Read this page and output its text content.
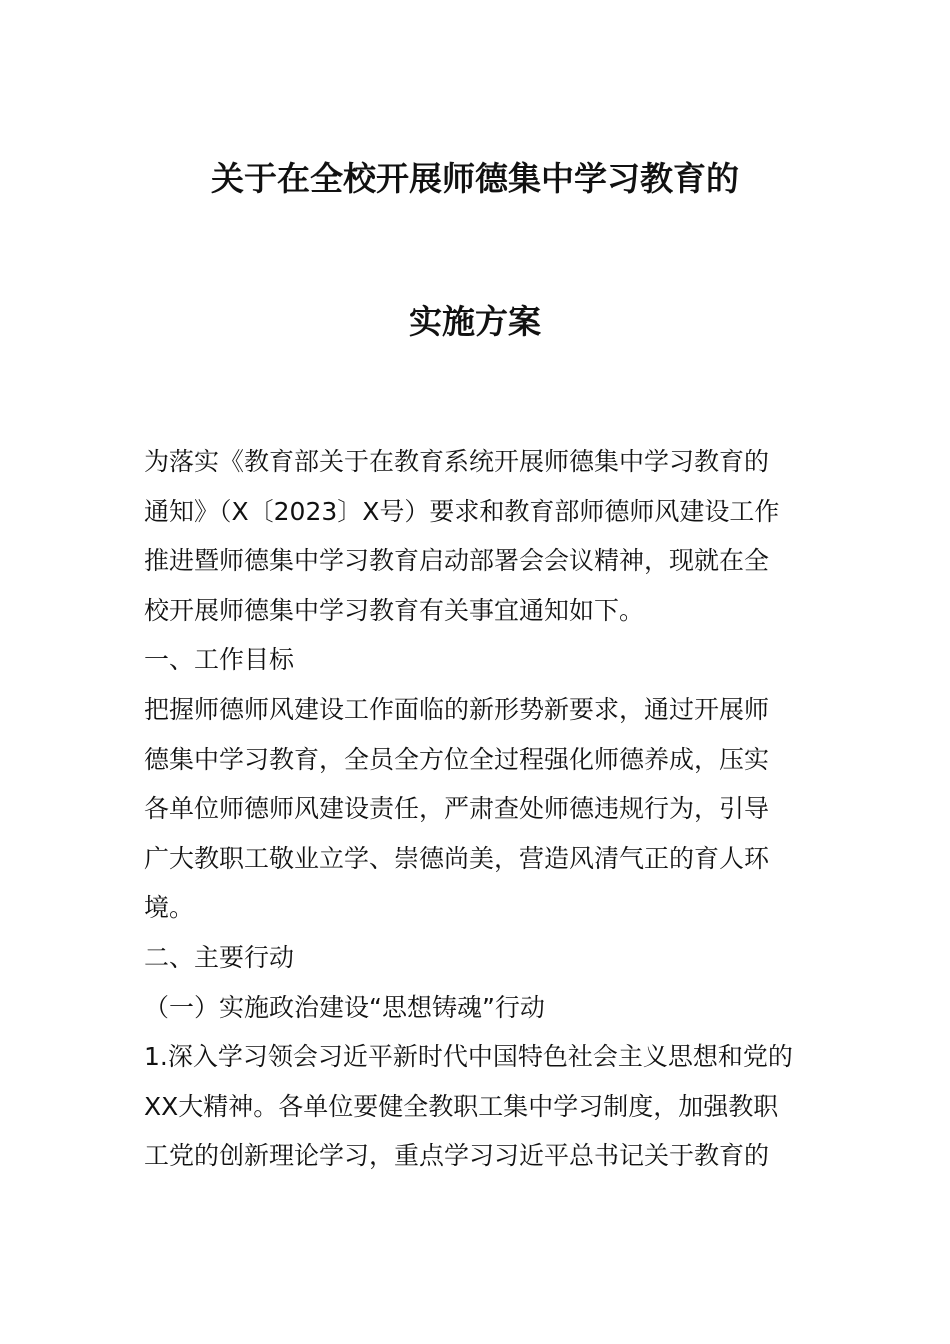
关于在全校开展师德集中学习教育的
实施方案
为落实《教育部关于在教育系统开展师德集中学习教育的
通知》（X〔2023〕X号）要求和教育部师德师风建设工作
推进暨师德集中学习教育启动部署会会议精神，现就在全
校开展师德集中学习教育有关事宜通知如下。
一、工作目标
把握师德师风建设工作面临的新形势新要求，通过开展师
德集中学习教育，全员全方位全过程强化师德养成，压实
各单位师德师风建设责任，严肃查处师德违规行为，引导
广大教职工敬业立学、崇德尚美，营造风清气正的育人环
境。
二、主要行动
（一）实施政治建设“思想铸魂”行动
1.深入学习领会习近平新时代中国特色社会主义思想和党的
XX大精神。各单位要健全教职工集中学习制度，加强教职
工党的创新理论学习，重点学习习近平总书记关于教育的
